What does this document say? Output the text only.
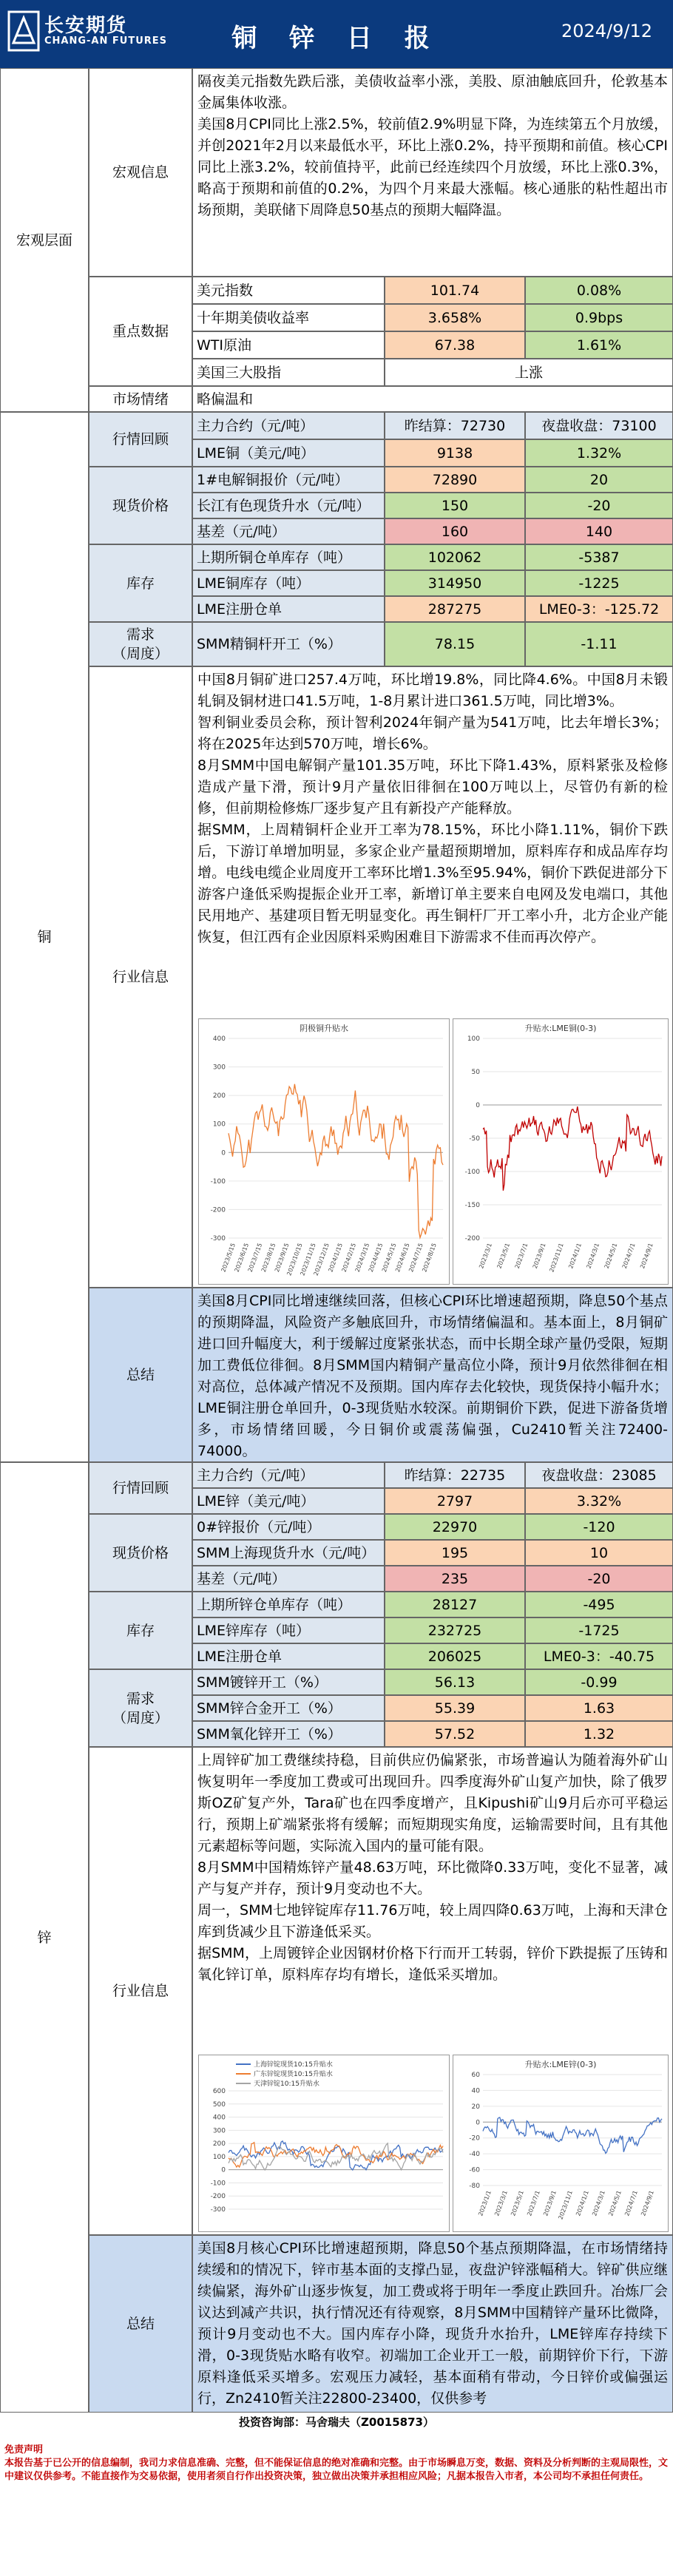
长安期货
CHANG-AN FUTURES	铜 锌 日 报	2024/9/12
宏观层面
宏观信息

隔夜美元指数先跌后涨，美债收益率小涨，美股、原油触底回升，伦敦基本金属集体收涨。

美国8月CPI同比上涨2.5%，较前值2.9%明显下降，为连续第五个月放缓，并创2021年2月以来最低水平，环比上涨0.2%，持平预期和前值。核心CPI同比上涨3.2%，较前值持平，此前已经连续四个月放缓，环比上涨0.3%，略高于预期和前值的0.2%，为四个月来最大涨幅。核心通胀的粘性超出市场预期，美联储下周降息50基点的预期大幅降温。

重点数据
美元指数	101.74	0.08%
十年期美债收益率	3.658%	0.9bps
WTI原油	67.38	1.61%
美国三大股指	上涨
市场情绪	略偏温和
铜
行情回顾
主力合约（元/吨）	昨结算：72730	夜盘收盘：73100
LME铜（美元/吨）	9138	1.32%
现货价格
1#电解铜报价（元/吨）	72890	20
长江有色现货升水（元/吨）	150	-20
基差（元/吨）	160	140
库存
上期所铜仓单库存（吨）	102062	-5387
LME铜库存（吨）	314950	-1225
LME注册仓单	287275	LME0-3：-125.72
需求
（周度）
SMM精铜杆开工（%）	78.15	-1.11
行业信息

中国8月铜矿进口257.4万吨，环比增19.8%，同比降4.6%。中国8月未锻轧铜及铜材进口41.5万吨，1-8月累计进口361.5万吨，同比增3%。

智利铜业委员会称，预计智利2024年铜产量为541万吨，比去年增长3%；将在2025年达到570万吨，增长6%。

8月SMM中国电解铜产量101.35万吨，环比下降1.43%，原料紧张及检修造成产量下滑，预计9月产量依旧徘徊在100万吨以上，尽管仍有新的检修，但前期检修炼厂逐步复产且有新投产产能释放。

据SMM，上周精铜杆企业开工率为78.15%，环比小降1.11%，铜价下跌后，下游订单增加明显，多家企业产量超预期增加，原料库存和成品库存均增。电线电缆企业周度开工率环比增1.3%至95.94%，铜价下跌促进部分下游客户逢低采购提振企业开工率，新增订单主要来自电网及发电端口，其他民用地产、基建项目暂无明显变化。再生铜杆厂开工率小升，北方企业产能恢复，但江西有企业因原料采购困难目下游需求不佳而再次停产。

阴极铜升贴水
400
300
200
100
0
-100
-200
-300
2023/5/15
2023/6/15
2023/7/15
2023/8/15
2023/9/15
2023/10/15
2023/11/15
2023/12/15
2024/1/15
2024/2/15
2024/3/15
2024/4/15
2024/5/15
2024/6/15
2024/7/15
2024/8/15
升贴水:LME铜(0-3)
100
50
0
-50
-100
-150
-200
2023/3/1 2023/5/1 2023/7/1 2023/9/1 2023/11/1 2024/1/1 2024/3/1 2024/5/1 2024/7/1 2024/9/1
总结
美国8月CPI同比增速继续回落，但核心CPI环比增速超预期，降息50个基点的预期降温，风险资产多触底回升，市场情绪偏温和。基本面上，8月铜矿进口回升幅度大，利于缓解过度紧张状态，而中长期全球产量仍受限，短期加工费低位徘徊。8月SMM国内精铜产量高位小降，预计9月依然徘徊在相对高位，总体减产情况不及预期。国内库存去化较快，现货保持小幅升水；LME铜注册仓单回升，0-3现货贴水较深。前期铜价下跌，促进下游备货增多，市场情绪回暖，今日铜价或震荡偏强，Cu2410暂关注72400-74000。
锌
行情回顾
主力合约（元/吨）	昨结算：22735	夜盘收盘：23085
LME锌（美元/吨）	2797	3.32%
现货价格
0#锌报价（元/吨）	22970	-120
SMM上海现货升水（元/吨）	195	10
基差（元/吨）	235	-20
库存
上期所锌仓单库存（吨）	28127	-495
LME锌库存（吨）	232725	-1725
LME注册仓单	206025	LME0-3：-40.75
需求
（周度）
SMM镀锌开工（%）	56.13	-0.99
SMM锌合金开工（%）	55.39	1.63
SMM氧化锌开工（%）	57.52	1.32
行业信息

上周锌矿加工费继续持稳，目前供应仍偏紧张，市场普遍认为随着海外矿山恢复明年一季度加工费或可出现回升。四季度海外矿山复产加快，除了俄罗斯OZ矿复产外，Tara矿也在四季度增产，且Kipushi矿山9月后亦可平稳运行，预期上矿端紧张将有缓解；而短期现实角度，运输需要时间，且有其他元素超标等问题，实际流入国内的量可能有限。

8月SMM中国精炼锌产量48.63万吨，环比微降0.33万吨，变化不显著，减产与复产并存，预计9月变动也不大。

周一，SMM七地锌锭库存11.76万吨，较上周四降0.63万吨，上海和天津仓库到货减少且下游逢低采买。

据SMM，上周镀锌企业因钢材价格下行而开工转弱，锌价下跌提振了压铸和氧化锌订单，原料库存均有增长，逢低采买增加。

上海锌锭现货10:15升贴水
广东锌锭现货10:15升贴水
天津锌锭10:15升贴水
600
500
400
300
200
100
0
-100
-200
-300
升贴水:LME锌(0-3)
60
40
20
0
-20
-40
-60
-80
2023/1/1 2023/3/1 2023/5/1 2023/7/1 2023/9/1 2023/11/1 2024/1/1 2024/3/1 2024/5/1 2024/7/1 2024/9/1
总结
美国8月核心CPI环比增速超预期，降息50个基点预期降温，在市场情绪持续缓和的情况下，锌市基本面的支撑凸显，夜盘沪锌涨幅稍大。锌矿供应继续偏紧，海外矿山逐步恢复，加工费或将于明年一季度止跌回升。冶炼厂会议达到减产共识，执行情况还有待观察，8月SMM中国精锌产量环比微降，预计9月变动也不大。国内库存小降，现货升水抬升，LME锌库存持续下滑，0-3现货贴水略有收窄。初端加工企业开工一般，前期锌价下行，下游原料逢低采买增多。宏观压力减轻，基本面稍有带动，今日锌价或偏强运行，Zn2410暂关注22800-23400，仅供参考
投资咨询部：马舍瑞夫（Z0015873）
免责声明
本报告基于已公开的信息编制，我司力求信息准确、完整，但不能保证信息的绝对准确和完整。由于市场瞬息万变，数据、资料及分析判断的主观局限性，文中建议仅供参考。不能直接作为交易依据，使用者须自行作出投资决策，独立做出决策并承担相应风险；凡据本报告入市者，本公司均不承担任何责任。
